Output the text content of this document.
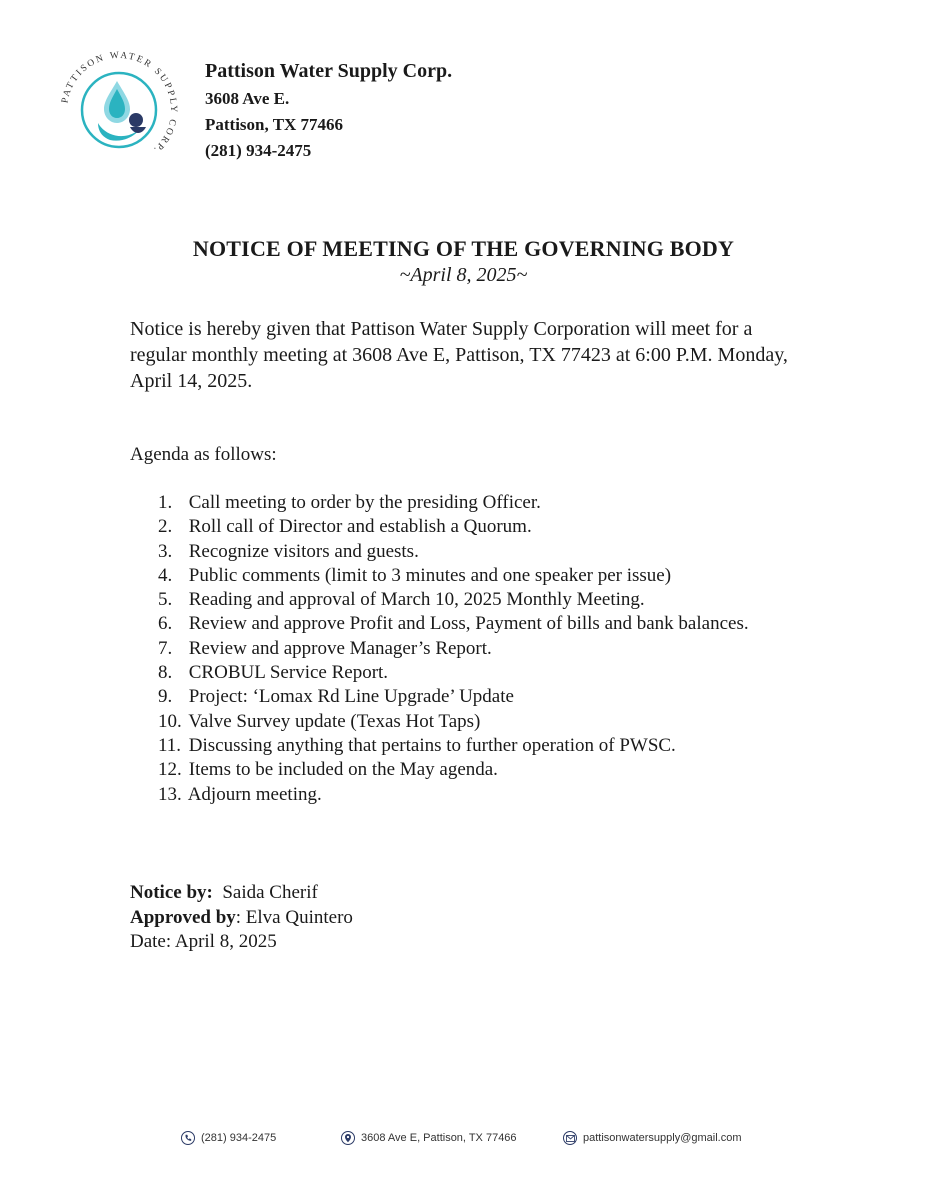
PATTISON WATER SUPPLY CORP.
Pattison Water Supply Corp.
3608 Ave E.
Pattison, TX 77466
(281) 934-2475
NOTICE OF MEETING OF THE GOVERNING BODY
~April 8, 2025~
Notice is hereby given that Pattison Water Supply Corporation will meet for a regular monthly meeting at 3608 Ave E, Pattison, TX 77423 at 6:00 P.M. Monday, April 14, 2025.
Agenda as follows:
1. Call meeting to order by the presiding Officer.
2. Roll call of Director and establish a Quorum.
3. Recognize visitors and guests.
4. Public comments (limit to 3 minutes and one speaker per issue)
5. Reading and approval of March 10, 2025 Monthly Meeting.
6. Review and approve Profit and Loss, Payment of bills and bank balances.
7. Review and approve Manager’s Report.
8. CROBUL Service Report.
9. Project: ‘Lomax Rd Line Upgrade’ Update
10. Valve Survey update (Texas Hot Taps)
11. Discussing anything that pertains to further operation of PWSC.
12. Items to be included on the May agenda.
13. Adjourn meeting.
Notice by: Saida Cherif
Approved by: Elva Quintero
Date: April 8, 2025
(281) 934-2475	3608 Ave E, Pattison, TX 77466	pattisonwatersupply@gmail.com
